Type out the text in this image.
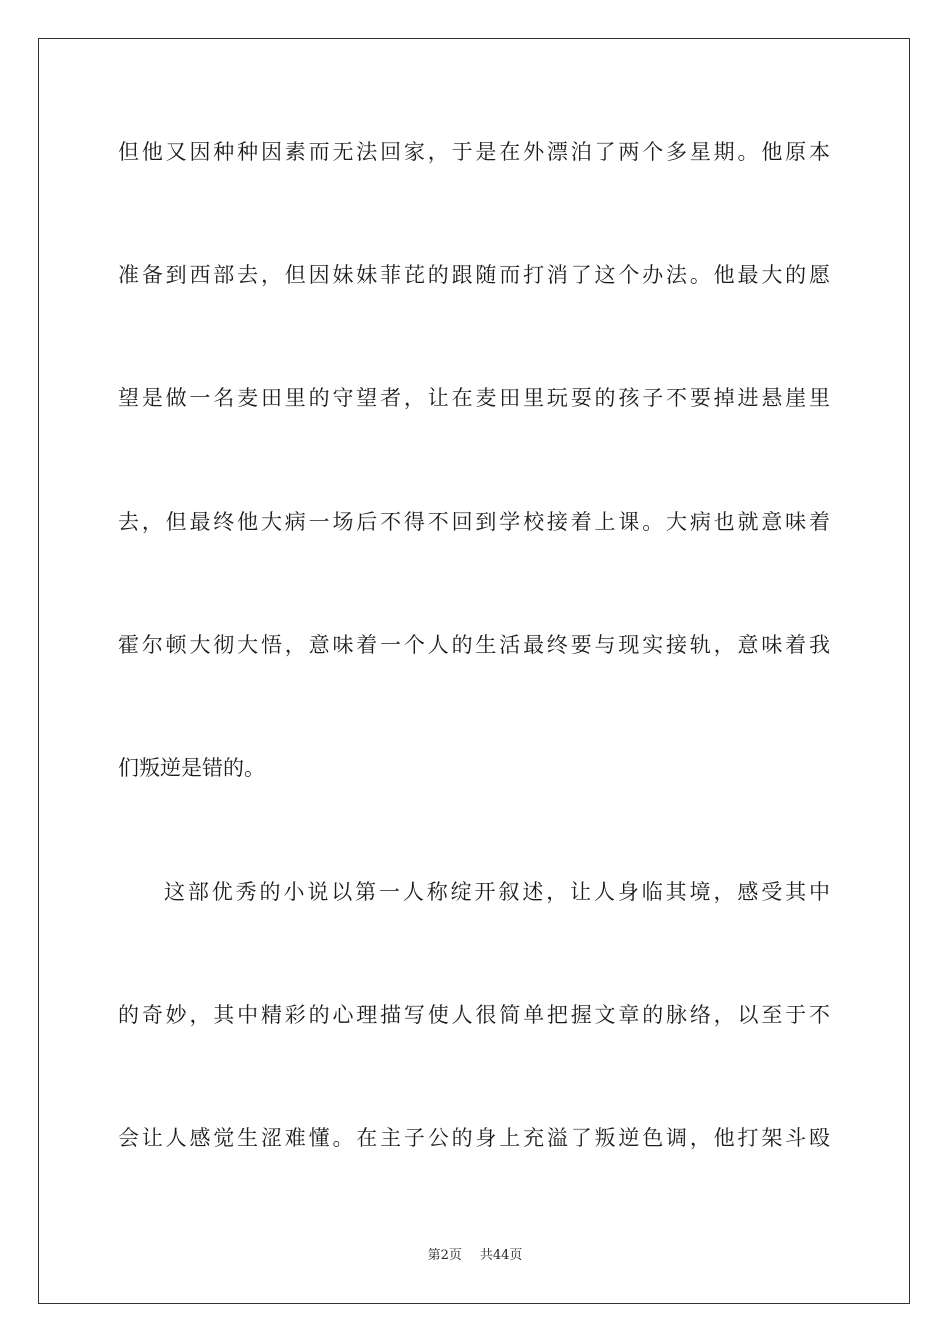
但他又因种种因素而无法回家，于是在外漂泊了两个多星期。他原本
准备到西部去，但因妹妹菲芘的跟随而打消了这个办法。他最大的愿
望是做一名麦田里的守望者，让在麦田里玩耍的孩子不要掉进悬崖里
去，但最终他大病一场后不得不回到学校接着上课。大病也就意味着
霍尔顿大彻大悟，意味着一个人的生活最终要与现实接轨，意味着我
们叛逆是错的。
这部优秀的小说以第一人称绽开叙述，让人身临其境，感受其中
的奇妙，其中精彩的心理描写使人很简单把握文章的脉络，以至于不
会让人感觉生涩难懂。在主子公的身上充溢了叛逆色调，他打架斗殴
第2页 共44页
